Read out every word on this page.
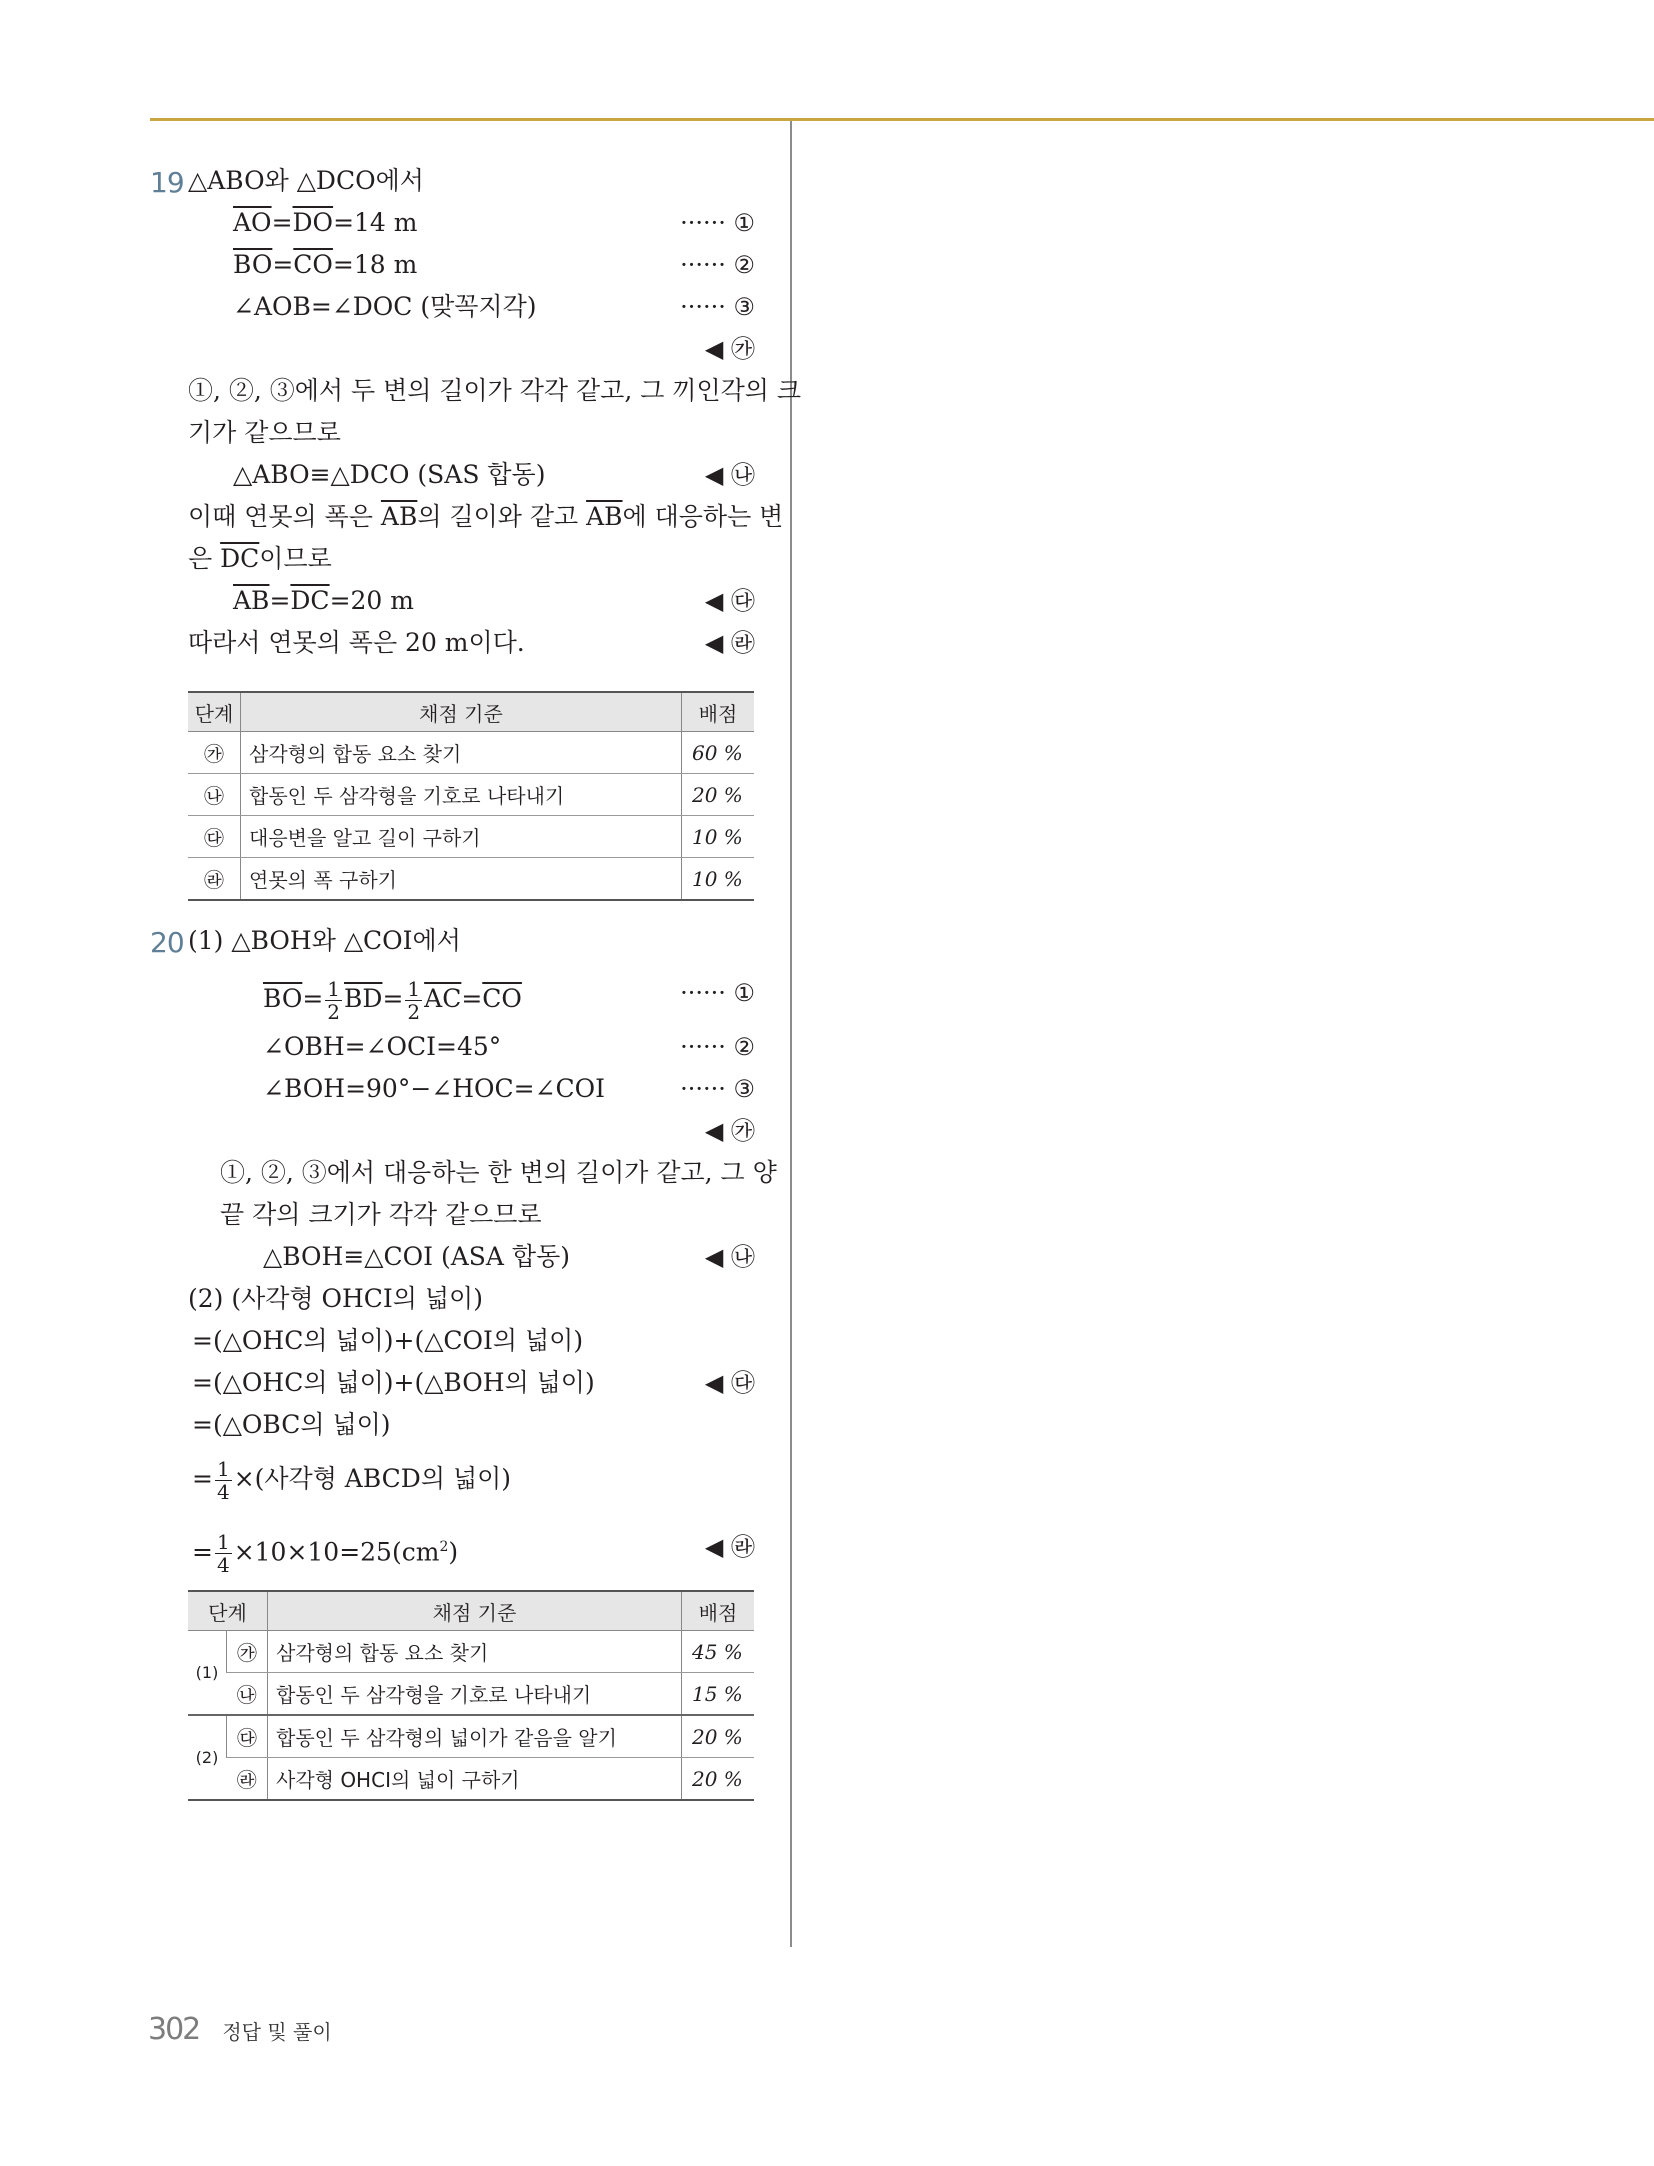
19 △ABO와 △DCO에서
$\overline{AO}=\overline{DO}=14$ m	······ ①
$\overline{BO}=\overline{CO}=18$ m	······ ②
∠AOB=∠DOC (맞꼭지각)	······ ③
◀ ㉮
①, ②, ③에서 두 변의 길이가 각각 같고, 그 끼인각의 크
기가 같으므로
△ABO≡△DCO (SAS 합동)	◀ ㉯
이때 연못의 폭은 $\overline{AB}$의 길이와 같고 $\overline{AB}$에 대응하는 변
은 $\overline{DC}$이므로
$\overline{AB}=\overline{DC}=20$ m	◀ ㉰
따라서 연못의 폭은 20 m이다.	◀ ㉱
단계	채점 기준	배점
㉮	삼각형의 합동 요소 찾기	60 %
㉯	합동인 두 삼각형을 기호로 나타내기	20 %
㉰	대응변을 알고 길이 구하기	10 %
㉱	연못의 폭 구하기	10 %
20 (1) △BOH와 △COI에서
$\overline{BO}= \frac{1}{2} \overline{BD}= \frac{1}{2} \overline{AC}=\overline{CO}$	······ ①
∠OBH=∠OCI=45°	······ ②
∠BOH=90°−∠HOC=∠COI	······ ③
◀ ㉮
①, ②, ③에서 대응하는 한 변의 길이가 같고, 그 양
끝 각의 크기가 각각 같으므로
△BOH≡△COI (ASA 합동)	◀ ㉯
(2) (사각형 OHCI의 넓이)
=(△OHC의 넓이)+(△COI의 넓이)
=(△OHC의 넓이)+(△BOH의 넓이)	◀ ㉰
=(△OBC의 넓이)
= $\frac{1}{4}$ ×(사각형 ABCD의 넓이)
= $\frac{1}{4} \times 10\times 10=25(cm^2)$	◀ ㉱
단계		채점 기준	배점
(1)	㉮	삼각형의 합동 요소 찾기	45 %
	㉯	합동인 두 삼각형을 기호로 나타내기	15 %
(2)	㉰	합동인 두 삼각형의 넓이가 같음을 알기	20 %
	㉱	사각형 OHCI의 넓이 구하기	20 %
302 정답 및 풀이
